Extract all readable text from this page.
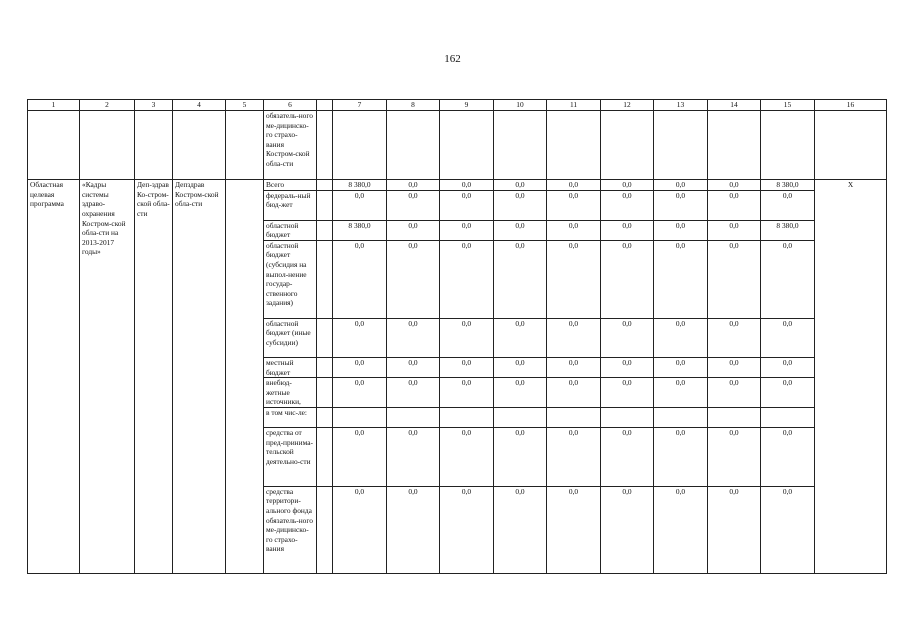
162
1	2	3	4	5	6		7	8	9	10	11	12	13	14	15	16
					обязатель-ного ме-дицинско-го страхо-вания Костром-ской обла-сти											
Областная целевая программа	«Кадры системы здраво-охранения Костром-ской обла-сти на 2013-2017 годы»	Деп-здрав Ко-стром-ской обла-сти	Депздрав Костром-ской обла-сти		Всего		8 380,0	0,0	0,0	0,0	0,0	0,0	0,0	0,0	8 380,0	Х
					федераль-ный бюд-жет		0,0	0,0	0,0	0,0	0,0	0,0	0,0	0,0	0,0	
					областной бюджет		8 380,0	0,0	0,0	0,0	0,0	0,0	0,0	0,0	8 380,0	
					областной бюджет (субсидия на выпол-нение государ-ственного задания)		0,0	0,0	0,0	0,0	0,0	0,0	0,0	0,0	0,0	
					областной бюджет (иные субсидии)		0,0	0,0	0,0	0,0	0,0	0,0	0,0	0,0	0,0	
					местный бюджет		0,0	0,0	0,0	0,0	0,0	0,0	0,0	0,0	0,0	
					внебюд-жетные источники,		0,0	0,0	0,0	0,0	0,0	0,0	0,0	0,0	0,0	
					в том чис-ле:											
					средства от пред-принима-тельской деятельно-сти		0,0	0,0	0,0	0,0	0,0	0,0	0,0	0,0	0,0	
					средства территори-ального фонда обязатель-ного ме-дицинско-го страхо-вания		0,0	0,0	0,0	0,0	0,0	0,0	0,0	0,0	0,0	
